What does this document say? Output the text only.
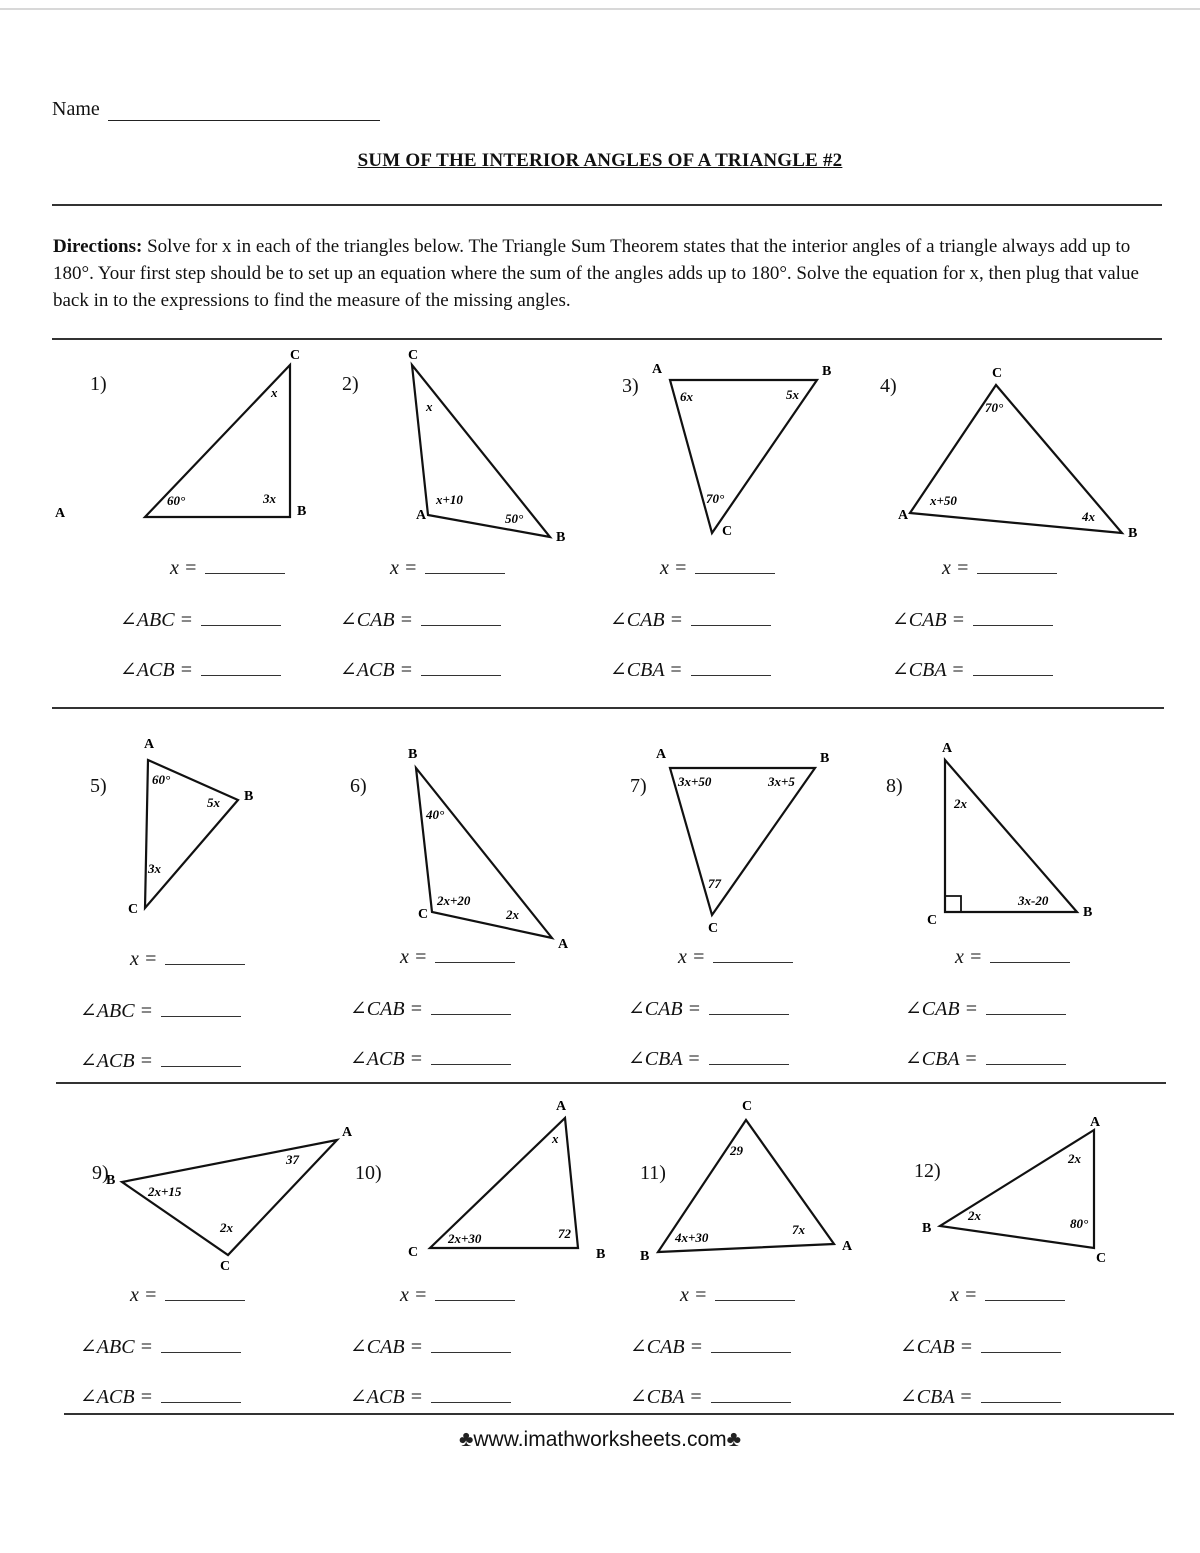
Name
SUM OF THE INTERIOR ANGLES OF A TRIANGLE #2
Directions: Solve for x in each of the triangles below. The Triangle Sum Theorem states that the interior angles of a triangle always add up to 180°. Your first step should be to set up an equation where the sum of the angles adds up to 180°. Solve the equation for x, then plug that value back in to the expressions to find the measure of the missing angles.
1)
A
60°
B
3x
C
x
x =
∠ABC =
∠ACB =
2)
A
x+10
B
50°
C
x
x =
∠CAB =
∠ACB =
3)
A
6x
B
5x
C
70°
x =
∠CAB =
∠CBA =
4)
A
x+50
B
4x
C
70°
x =
∠CAB =
∠CBA =
5)
A
60°
B
5x
C
3x
x =
∠ABC =
∠ACB =
6)
A
2x
B
40°
C
2x+20
x =
∠CAB =
∠ACB =
7)
A
3x+50
B
3x+5
C
77
x =
∠CAB =
∠CBA =
8)
A
2x
B
3x-20
C
x =
∠CAB =
∠CBA =
9)
A
37
B
2x+15
C
2x
x =
∠ABC =
∠ACB =
10)
A
x
B
72
C
2x+30
x =
∠CAB =
∠ACB =
11)
A
7x
B
4x+30
C
29
x =
∠CAB =
∠CBA =
12)
A
2x
B
2x
C
80°
x =
∠CAB =
∠CBA =
♣www.imathworksheets.com♣
